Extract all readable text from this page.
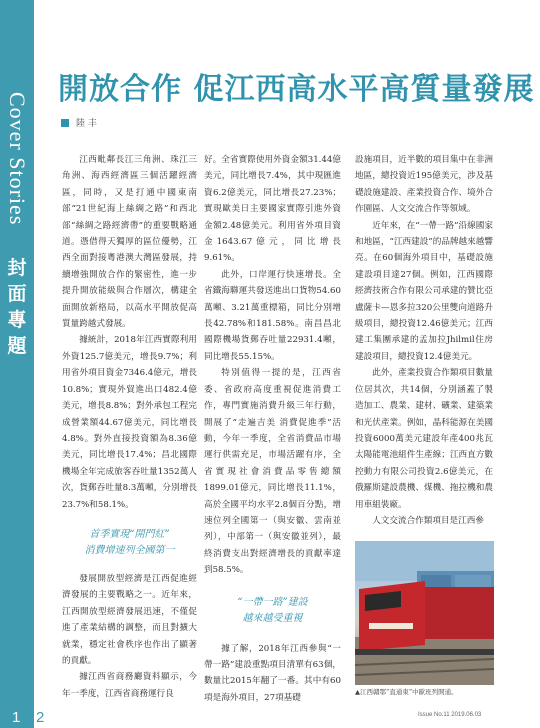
Cover Stories
封
面
專
題
1 2
開放合作 促江西高水平高質量發展
陸 丰

江西毗鄰長江三角洲、珠江三角洲、海西經濟區三個活躍經濟區，同時，又是打通中國東南部“21世紀海上絲綢之路”和西北部“絲綢之路經濟帶”的重要戰略通道。憑借得天獨厚的區位優勢，江西全面對接粵港澳大灣區發展，持續增強開放合作的緊密性，進一步提升開放能級與合作層次，構建全面開放新格局，以高水平開放促高質量跨越式發展。

據統計，2018年江西實際利用外資125.7億美元，增長9.7%；利用省外項目資金7346.4億元，增長10.8%；實現外貿進出口482.4億美元，增長8.8%；對外承包工程完成營業額44.67億美元，同比增長4.8%。對外直接投資額為8.36億美元，同比增長17.4%；昌北國際機場全年完成旅客吞吐量1352萬人次，貨郵吞吐量8.3萬噸，分別增長23.7%和58.1%。

首季實現“開門紅”
消費增速列全國第一

發展開放型經濟是江西促進經濟發展的主要戰略之一。近年來，江西開放型經濟發展迅速，不僅促進了產業結構的調整，而且對擴大就業，穩定社會秩序也作出了顯著的貢獻。

據江西省商務廳資料顯示，今年一季度，江西省商務運行良

好。全省實際使用外資金額31.44億美元，同比增長7.4%，其中現匯進資6.2億美元，同比增長27.23%；實現歐美日主要國家實際引進外資金額2.48億美元。利用省外項目資金1643.67億元，同比增長9.61%。

此外，口岸運行快速增長。全省鐵海聯運共發送進出口貨物54.60萬噸、3.21萬重標箱，同比分別增長42.78%和181.58%。南昌昌北國際機場貨郵吞吐量22931.4噸，同比增長55.15%。

特別值得一提的是，江西省委、省政府高度重視促進消費工作，專門實施消費升級三年行動，開展了“走遍吉美 消費促進季”活動，今年一季度，全省消費品市場運行供需充足，市場活躍有序，全省實現社會消費品零售總額1899.01億元，同比增長11.1%，高於全國平均水平2.8個百分點，增速位列全國第一（與安徽、雲南並列），中部第一（與安徽並列），最終消費支出對經濟增長的貢獻率達到58.5%。

“一帶一路”建設
越來越受重視

據了解，2018年江西參與“一帶一路”建設重點項目清單有63個，數量比2015年翻了一番。其中有60項是海外項目，27項基礎

設施項目，近半數的項目集中在非洲地區，總投資近195億美元，涉及基礎設施建設、產業投資合作、境外合作園區、人文交流合作等領域。

近年來，在“一帶一路”沿線國家和地區，“江西建設”的品牌越來越響亮。在60個海外項目中，基礎設施建設項目達27個。例如，江西國際經濟技術合作有限公司承建的贊比亞盧薩卡—恩多拉320公里雙向道路升級項目，總投資12.46億美元；江西建工集團承建的孟加拉Jhilmil住房建設項目，總投資12.4億美元。

此外，產業投資合作類項目數量位居其次，共14個，分別涵蓋了製造加工、農業、建材、礦業、建築業和光伏產業。例如，晶科能源在美國投資6000萬美元建設年產400兆瓦太陽能電池組件生產線；江西直方數控動力有限公司投資2.6億美元，在俄羅斯建設農機、煤機、拖拉機和農用車組裝廠。

人文交流合作類項目是江西參

▲江西贛鄂“直通東”中歐班列開通。
Issue No.11 2019.06.03
